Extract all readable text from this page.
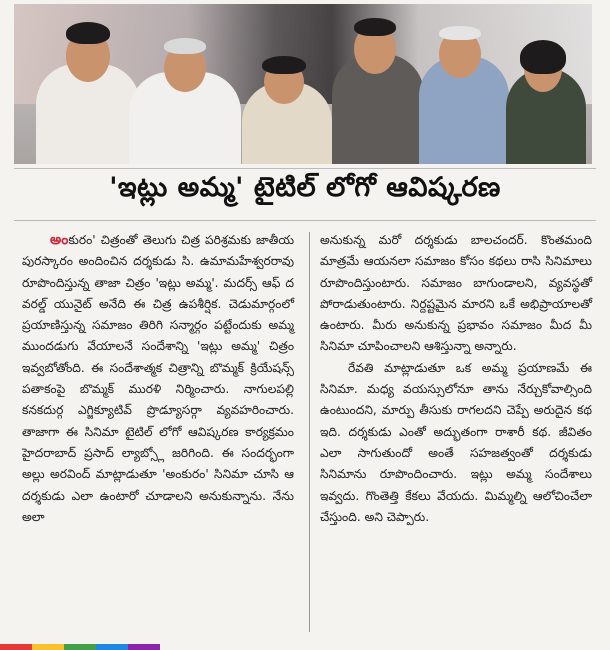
'ఇట్లు అమ్మ' టైటిల్ లోగో ఆవిష్కరణ

అంకురం' చిత్రంతో తెలుగు చిత్ర పరిశ్రమకు జాతీయ పురస్కారం అందించిన దర్శకుడు సి. ఉమామహేశ్వరరావు రూపొందిస్తున్న తాజా చిత్రం 'ఇట్లు అమ్మ'. మదర్స్ ఆఫ్ ద వరల్డ్ యునైట్ అనేది ఈ చిత్ర ఉపశీర్షిక. చెడుమార్గంలో ప్రయాణిస్తున్న సమాజం తిరిగి సన్మార్గం పట్టేందుకు అమ్మ ముందడుగు వేయాలనే సందేశాన్ని 'ఇట్లు అమ్మ' చిత్రం ఇవ్వబోతోంది. ఈ సందేశాత్మక చిత్రాన్ని బొమ్మక్ క్రియేషన్స్ పతాకంపై బొమ్మక్ మురళి నిర్మించారు. నాగులపల్లి కనకదుర్గ ఎగ్జిక్యూటివ్ ప్రొడ్యూసర్గా వ్యవహరించారు. తాజాగా ఈ సినిమా టైటిల్ లోగో ఆవిష్కరణ కార్యక్రమం హైదరాబాద్ ప్రసాద్ ల్యాబ్స్లో జరిగింది. ఈ సందర్భంగా అల్లు అరవింద్ మాట్లాడుతూ 'అంకురం' సినిమా చూసి ఆ దర్శకుడు ఎలా ఉంటారో చూడాలని అనుకున్నాను. నేను అలా

అనుకున్న మరో దర్శకుడు బాలచందర్. కొంతమంది మాత్రమే ఆయనలా సమాజం కోసం కథలు రాసి సినిమాలు రూపొందిస్తుంటారు. సమాజం బాగుండాలని, వ్యవస్థతో పోరాడుతుంటారు. నిర్దష్టమైన మారని ఒకే అభిప్రాయాలతో ఉంటారు. మీరు అనుకున్న ప్రభావం సమాజం మీద మీ సినిమా చూపించాలని ఆశిస్తున్నా అన్నారు.

రేవతి మాట్లాడుతూ ఒక అమ్మ ప్రయాణమే ఈ సినిమా. మధ్య వయస్సులోనూ తాను నేర్చుకోవాల్సింది ఉంటుందని, మార్పు తీసుకు రాగలదని చెప్పే అరుదైన కథ ఇది. దర్శకుడు ఎంతో అద్భుతంగా రాశారీ కథ. జీవితం ఎలా సాగుతుందో అంతే సహజత్వంతో దర్శకుడు సినిమాను రూపొందించారు. ఇట్లు అమ్మ సందేశాలు ఇవ్వదు. గొంతెత్తి కేకలు వేయదు. మిమ్మల్ని ఆలోచించేలా చేస్తుంది. అని చెప్పారు.
